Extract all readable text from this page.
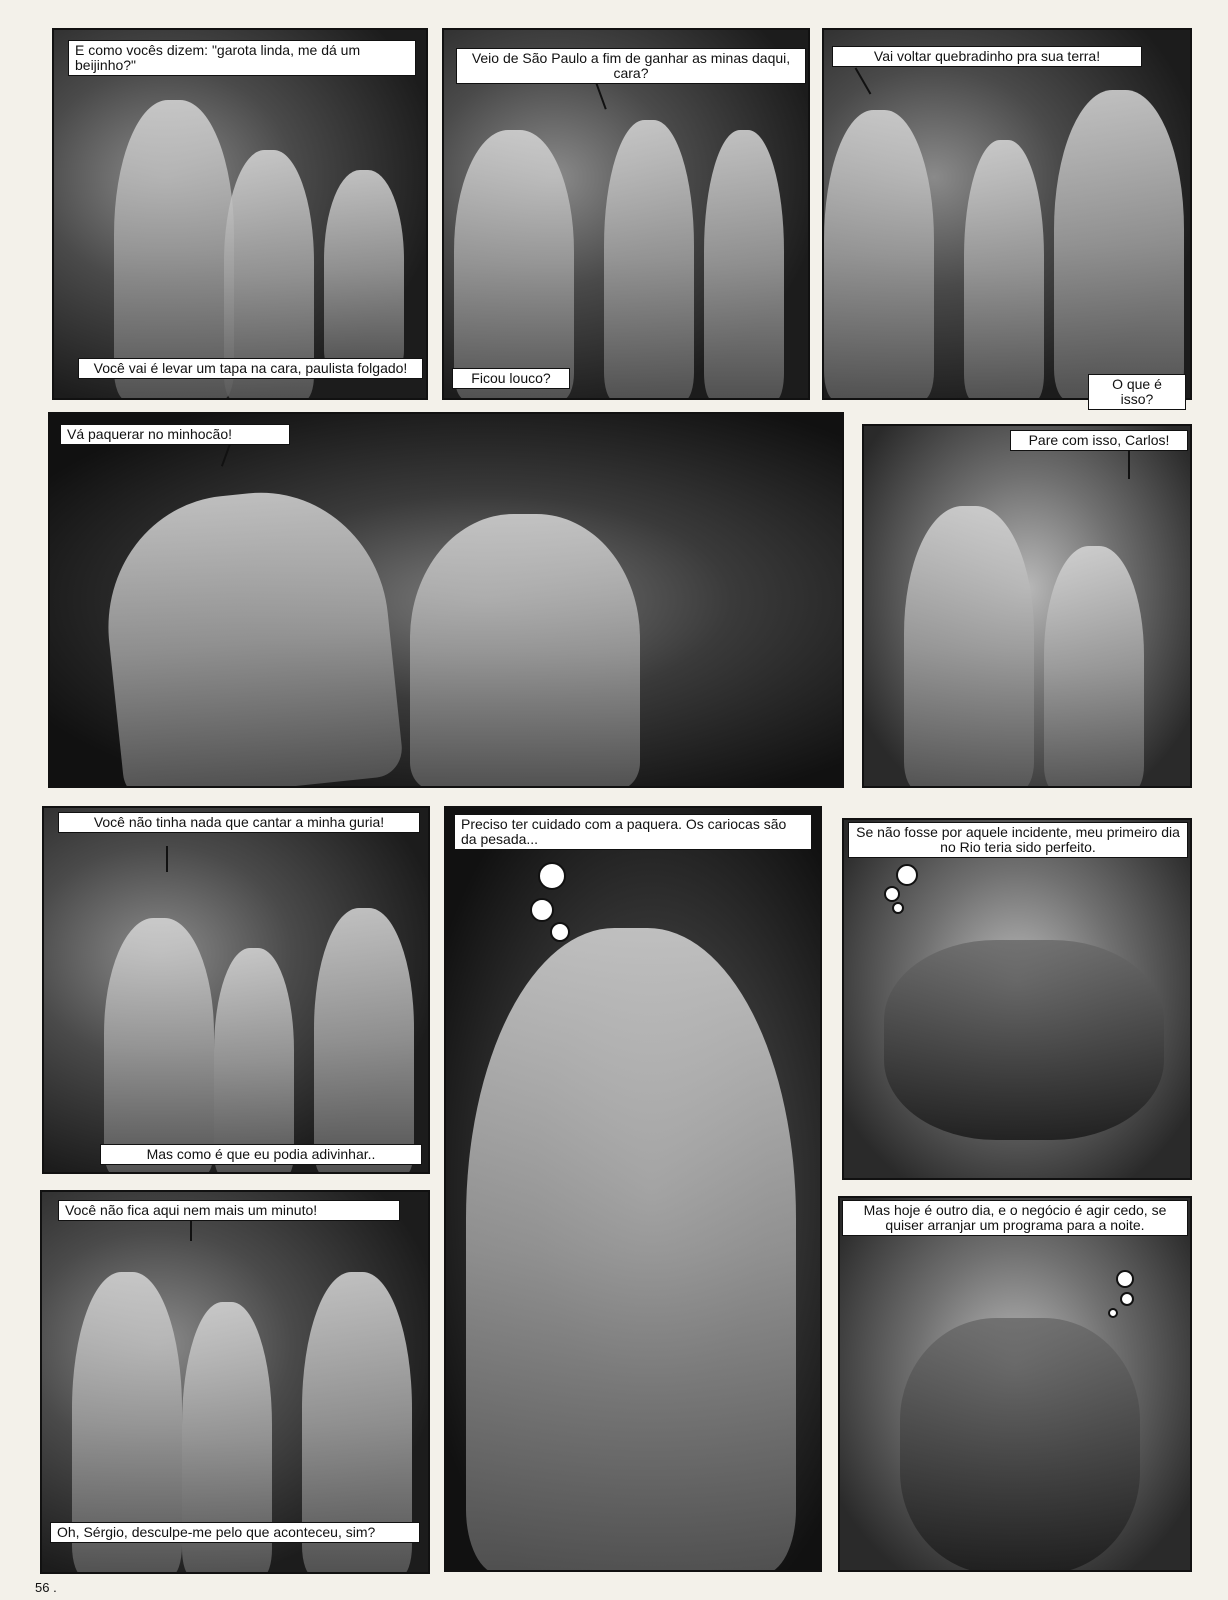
E como vocês dizem: "garota linda, me dá um beijinho?"
Você vai é levar um tapa na cara, paulista folgado!
Veio de São Paulo a fim de ganhar as minas daqui, cara?
Ficou louco?
Vai voltar quebradinho pra sua terra!
O que é isso?
Vá paquerar no minhocão!	Pare com isso, Carlos!
Você não tinha nada que cantar a minha guria!
Mas como é que eu podia adivinhar..
Preciso ter cuidado com a paquera. Os cariocas são da pesada...	Se não fosse por aquele incidente, meu primeiro dia no Rio teria sido perfeito.
Você não fica aqui nem mais um minuto!
Oh, Sérgio, desculpe-me pelo que aconteceu, sim?
Mas hoje é outro dia, e o negócio é agir cedo, se quiser arranjar um programa para a noite.
56 .
